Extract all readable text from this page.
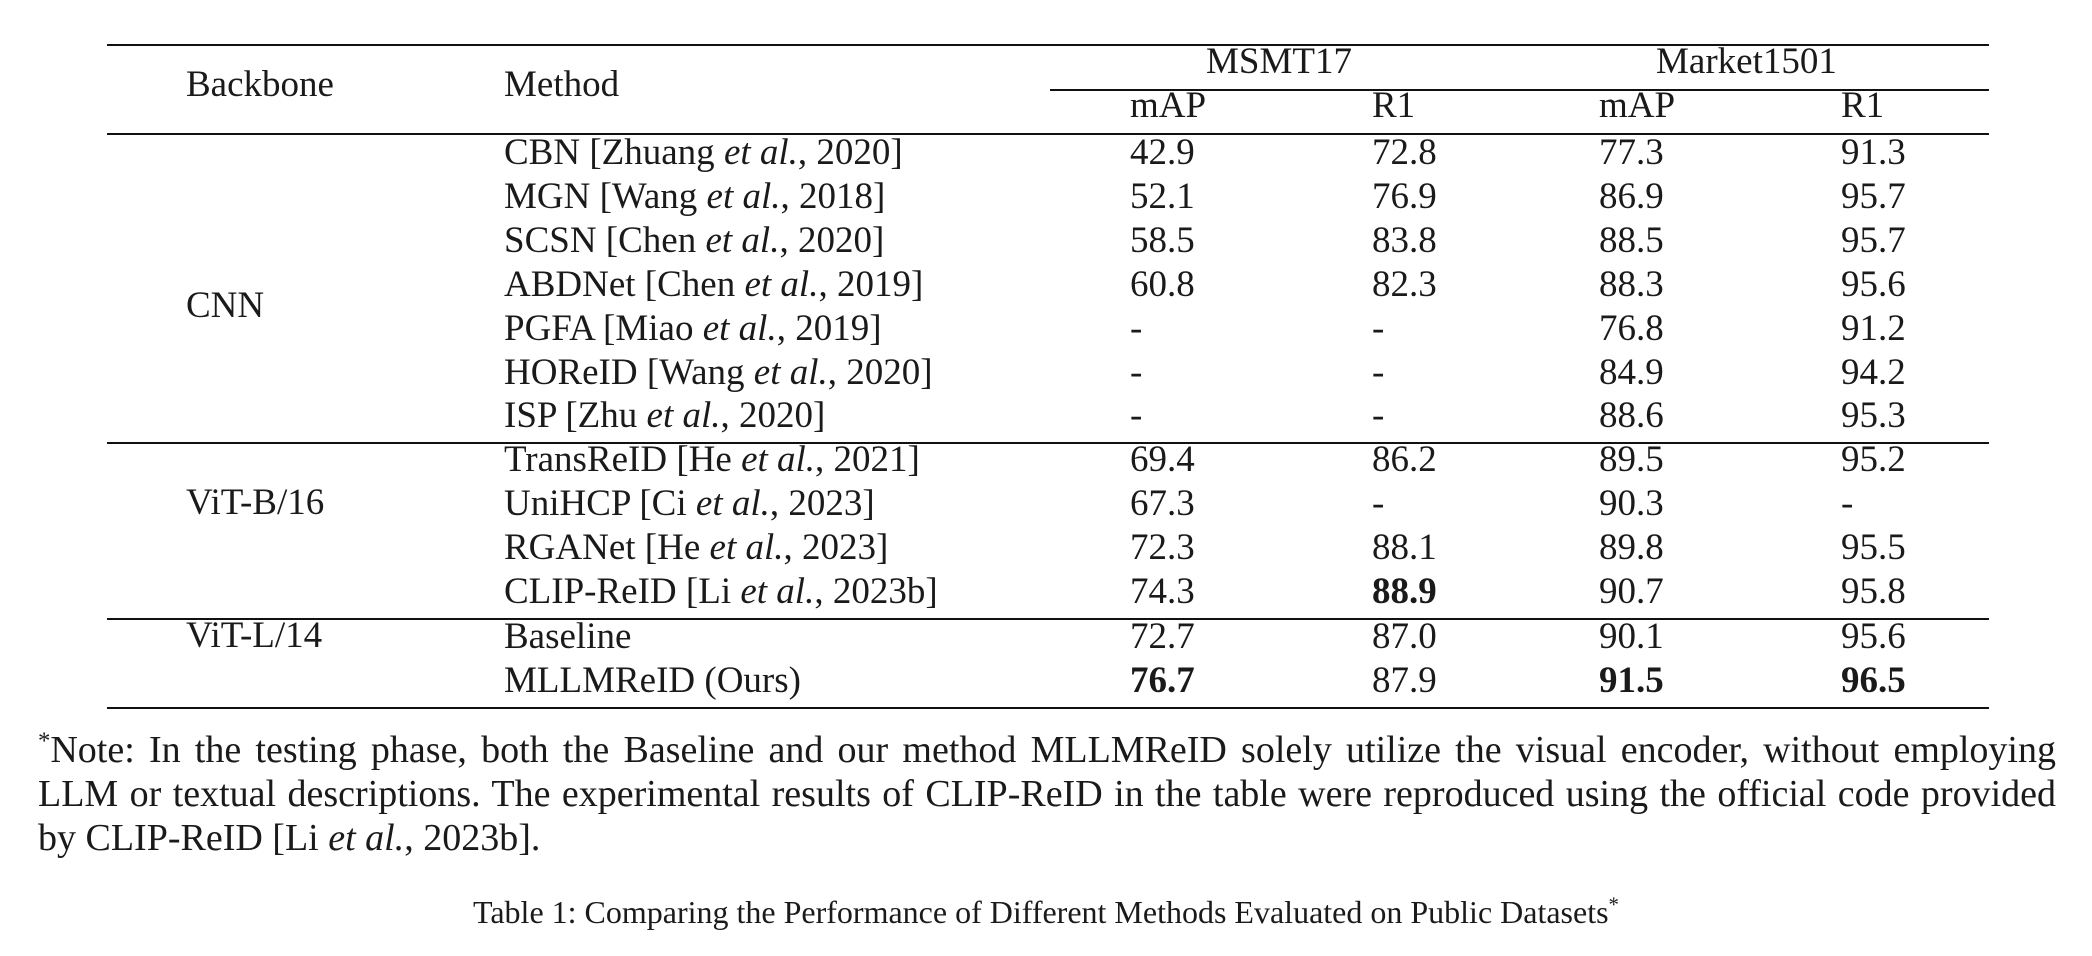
Backbone	Method
MSMT17	Market1501
mAP	R1	mAP	R1
CNN
CBN [Zhuang et al., 2020]	42.9	72.8	77.3	91.3
MGN [Wang et al., 2018]	52.1	76.9	86.9	95.7
SCSN [Chen et al., 2020]	58.5	83.8	88.5	95.7
ABDNet [Chen et al., 2019]	60.8	82.3	88.3	95.6
PGFA [Miao et al., 2019]	-	-	76.8	91.2
HOReID [Wang et al., 2020]	-	-	84.9	94.2
ISP [Zhu et al., 2020]	-	-	88.6	95.3
ViT-B/16
TransReID [He et al., 2021]	69.4	86.2	89.5	95.2
UniHCP [Ci et al., 2023]	67.3	-	90.3	-
RGANet [He et al., 2023]	72.3	88.1	89.8	95.5
CLIP-ReID [Li et al., 2023b]	74.3	88.9	90.7	95.8
ViT-L/14	Baseline	72.7	87.0	90.1	95.6
MLLMReID (Ours)	76.7	87.9	91.5	96.5
*Note: In the testing phase, both the Baseline and our method MLLMReID solely utilize the visual encoder, without employing LLM or textual descriptions. The experimental results of CLIP-ReID in the table were reproduced using the official code provided by CLIP-ReID [Li et al., 2023b].
Table 1: Comparing the Performance of Different Methods Evaluated on Public Datasets*
